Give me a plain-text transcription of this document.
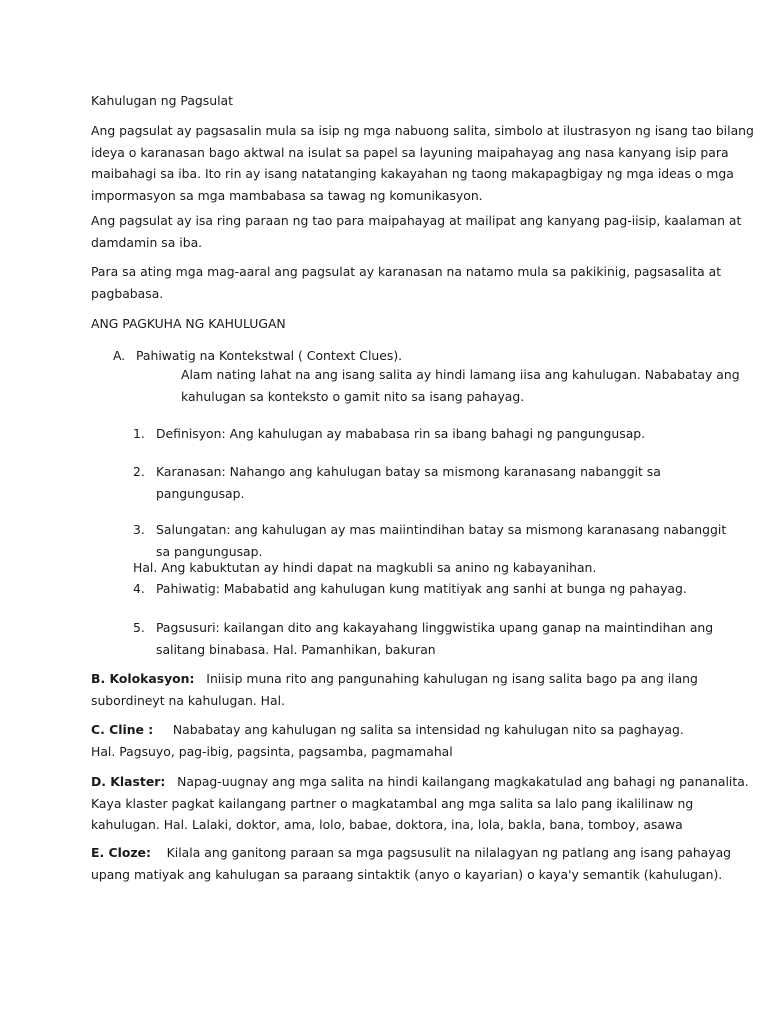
Kahulugan ng Pagsulat
Ang pagsulat ay pagsasalin mula sa isip ng mga nabuong salita, simbolo at ilustrasyon ng isang tao bilang
ideya o karanasan bago aktwal na isulat sa papel sa layuning maipahayag ang nasa kanyang isip para
maibahagi sa iba. Ito rin ay isang natatanging kakayahan ng taong makapagbigay ng mga ideas o mga
impormasyon sa mga mambabasa sa tawag ng komunikasyon.
Ang pagsulat ay isa ring paraan ng tao para maipahayag at mailipat ang kanyang pag-iisip, kaalaman at
damdamin sa iba.
Para sa ating mga mag-aaral ang pagsulat ay karanasan na natamo mula sa pakikinig, pagsasalita at
pagbabasa.
ANG PAGKUHA NG KAHULUGAN
A. Pahiwatig na Kontekstwal ( Context Clues).
Alam nating lahat na ang isang salita ay hindi lamang iisa ang kahulugan. Nababatay ang
kahulugan sa konteksto o gamit nito sa isang pahayag.
1. Definisyon: Ang kahulugan ay mababasa rin sa ibang bahagi ng pangungusap.
2. Karanasan: Nahango ang kahulugan batay sa mismong karanasang nabanggit sa
pangungusap.
3. Salungatan: ang kahulugan ay mas maiintindihan batay sa mismong karanasang nabanggit
sa pangungusap.
Hal. Ang kabuktutan ay hindi dapat na magkubli sa anino ng kabayanihan.
4. Pahiwatig: Mababatid ang kahulugan kung matitiyak ang sanhi at bunga ng pahayag.
5. Pagsusuri: kailangan dito ang kakayahang linggwistika upang ganap na maintindihan ang
salitang binabasa. Hal. Pamanhikan, bakuran
B. Kolokasyon:   Iniisip muna rito ang pangunahing kahulugan ng isang salita bago pa ang ilang
subordineyt na kahulugan. Hal.
C. Cline :     Nababatay ang kahulugan ng salita sa intensidad ng kahulugan nito sa paghayag.
Hal. Pagsuyo, pag-ibig, pagsinta, pagsamba, pagmamahal
D. Klaster:   Napag-uugnay ang mga salita na hindi kailangang magkakatulad ang bahagi ng pananalita.
Kaya klaster pagkat kailangang partner o magkatambal ang mga salita sa lalo pang ikalilinaw ng
kahulugan. Hal. Lalaki, doktor, ama, lolo, babae, doktora, ina, lola, bakla, bana, tomboy, asawa
E. Cloze:    Kilala ang ganitong paraan sa mga pagsusulit na nilalagyan ng patlang ang isang pahayag
upang matiyak ang kahulugan sa paraang sintaktik (anyo o kayarian) o kaya'y semantik (kahulugan).
